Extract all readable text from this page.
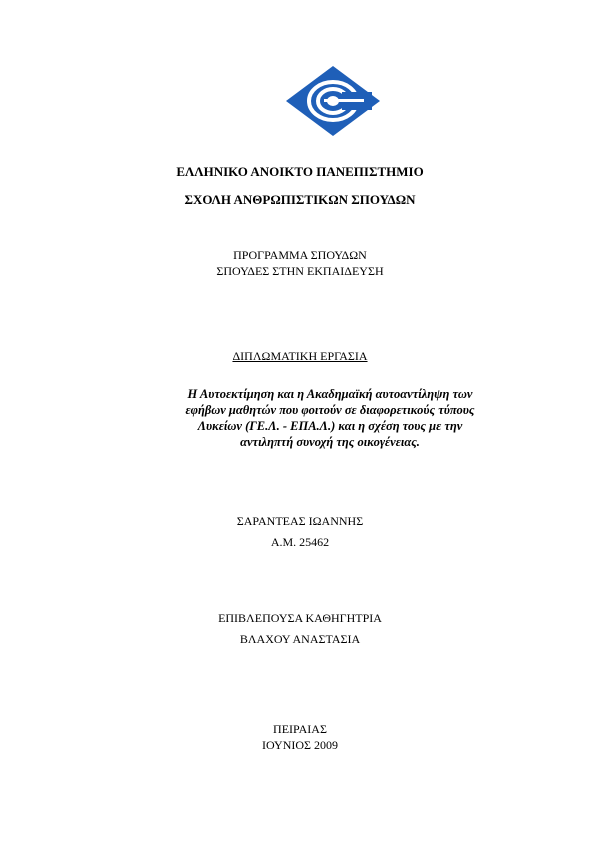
ΕΛΛΗΝΙΚΟ ΑΝΟΙΚΤΟ ΠΑΝΕΠΙΣΤΗΜΙΟ
ΣΧΟΛΗ ΑΝΘΡΩΠΙΣΤΙΚΩΝ ΣΠΟΥΔΩΝ
ΠΡΟΓΡΑΜΜΑ ΣΠΟΥΔΩΝ
ΣΠΟΥΔΕΣ ΣΤΗΝ ΕΚΠΑΙΔΕΥΣΗ
ΔΙΠΛΩΜΑΤΙΚΗ ΕΡΓΑΣΙΑ
Η Αυτοεκτίμηση και η Ακαδημαϊκή αυτοαντίληψη των
εφήβων μαθητών που φοιτούν σε διαφορετικούς τύπους
Λυκείων (ΓΕ.Λ. - ΕΠΑ.Λ.) και η σχέση τους με την
αντιληπτή συνοχή της οικογένειας.
ΣΑΡΑΝΤΕΑΣ ΙΩΑΝΝΗΣ
Α.Μ. 25462
ΕΠΙΒΛΕΠΟΥΣΑ ΚΑΘΗΓΗΤΡΙΑ
ΒΛΑΧΟΥ ΑΝΑΣΤΑΣΙΑ
ΠΕΙΡΑΙΑΣ
ΙΟΥΝΙΟΣ 2009
